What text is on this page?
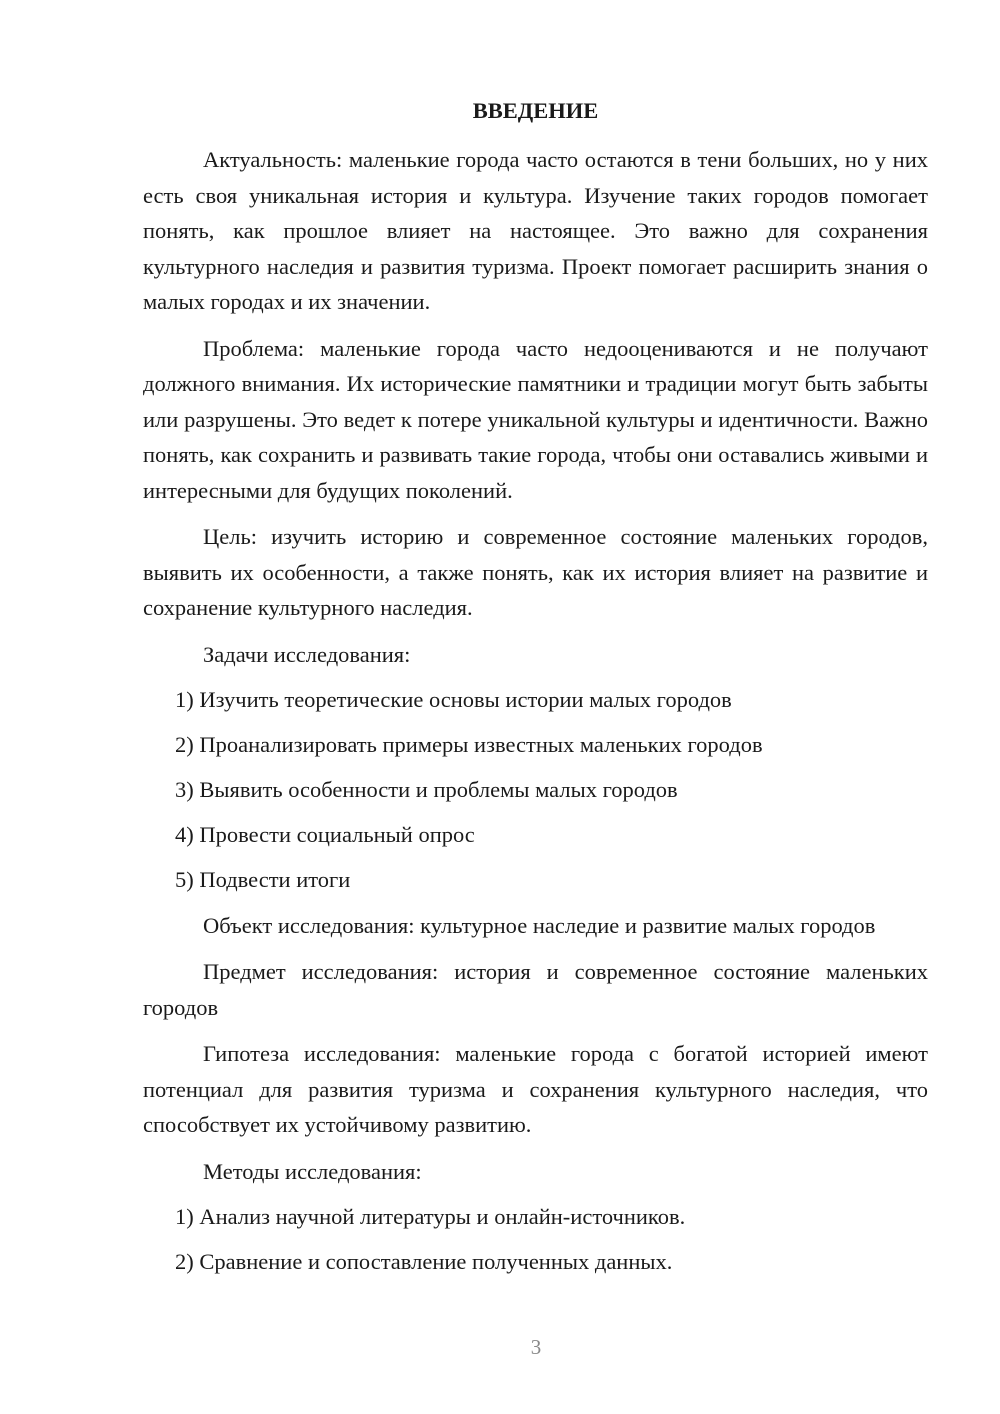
ВВЕДЕНИЕ

Актуальность: маленькие города часто остаются в тени больших, но у них есть своя уникальная история и культура. Изучение таких городов помогает понять, как прошлое влияет на настоящее. Это важно для сохранения культурного наследия и развития туризма. Проект помогает расширить знания о малых городах и их значении.

Проблема: маленькие города часто недооцениваются и не получают должного внимания. Их исторические памятники и традиции могут быть забыты или разрушены. Это ведет к потере уникальной культуры и идентичности. Важно понять, как сохранить и развивать такие города, чтобы они оставались живыми и интересными для будущих поколений.

Цель: изучить историю и современное состояние маленьких городов, выявить их особенности, а также понять, как их история влияет на развитие и сохранение культурного наследия.

Задачи исследования:
1) Изучить теоретические основы истории малых городов
2) Проанализировать примеры известных маленьких городов
3) Выявить особенности и проблемы малых городов
4) Провести социальный опрос
5) Подвести итоги

Объект исследования: культурное наследие и развитие малых городов

Предмет исследования: история и современное состояние маленьких городов

Гипотеза исследования: маленькие города с богатой историей имеют потенциал для развития туризма и сохранения культурного наследия, что способствует их устойчивому развитию.

Методы исследования:
1) Анализ научной литературы и онлайн-источников.
2) Сравнение и сопоставление полученных данных.
3
